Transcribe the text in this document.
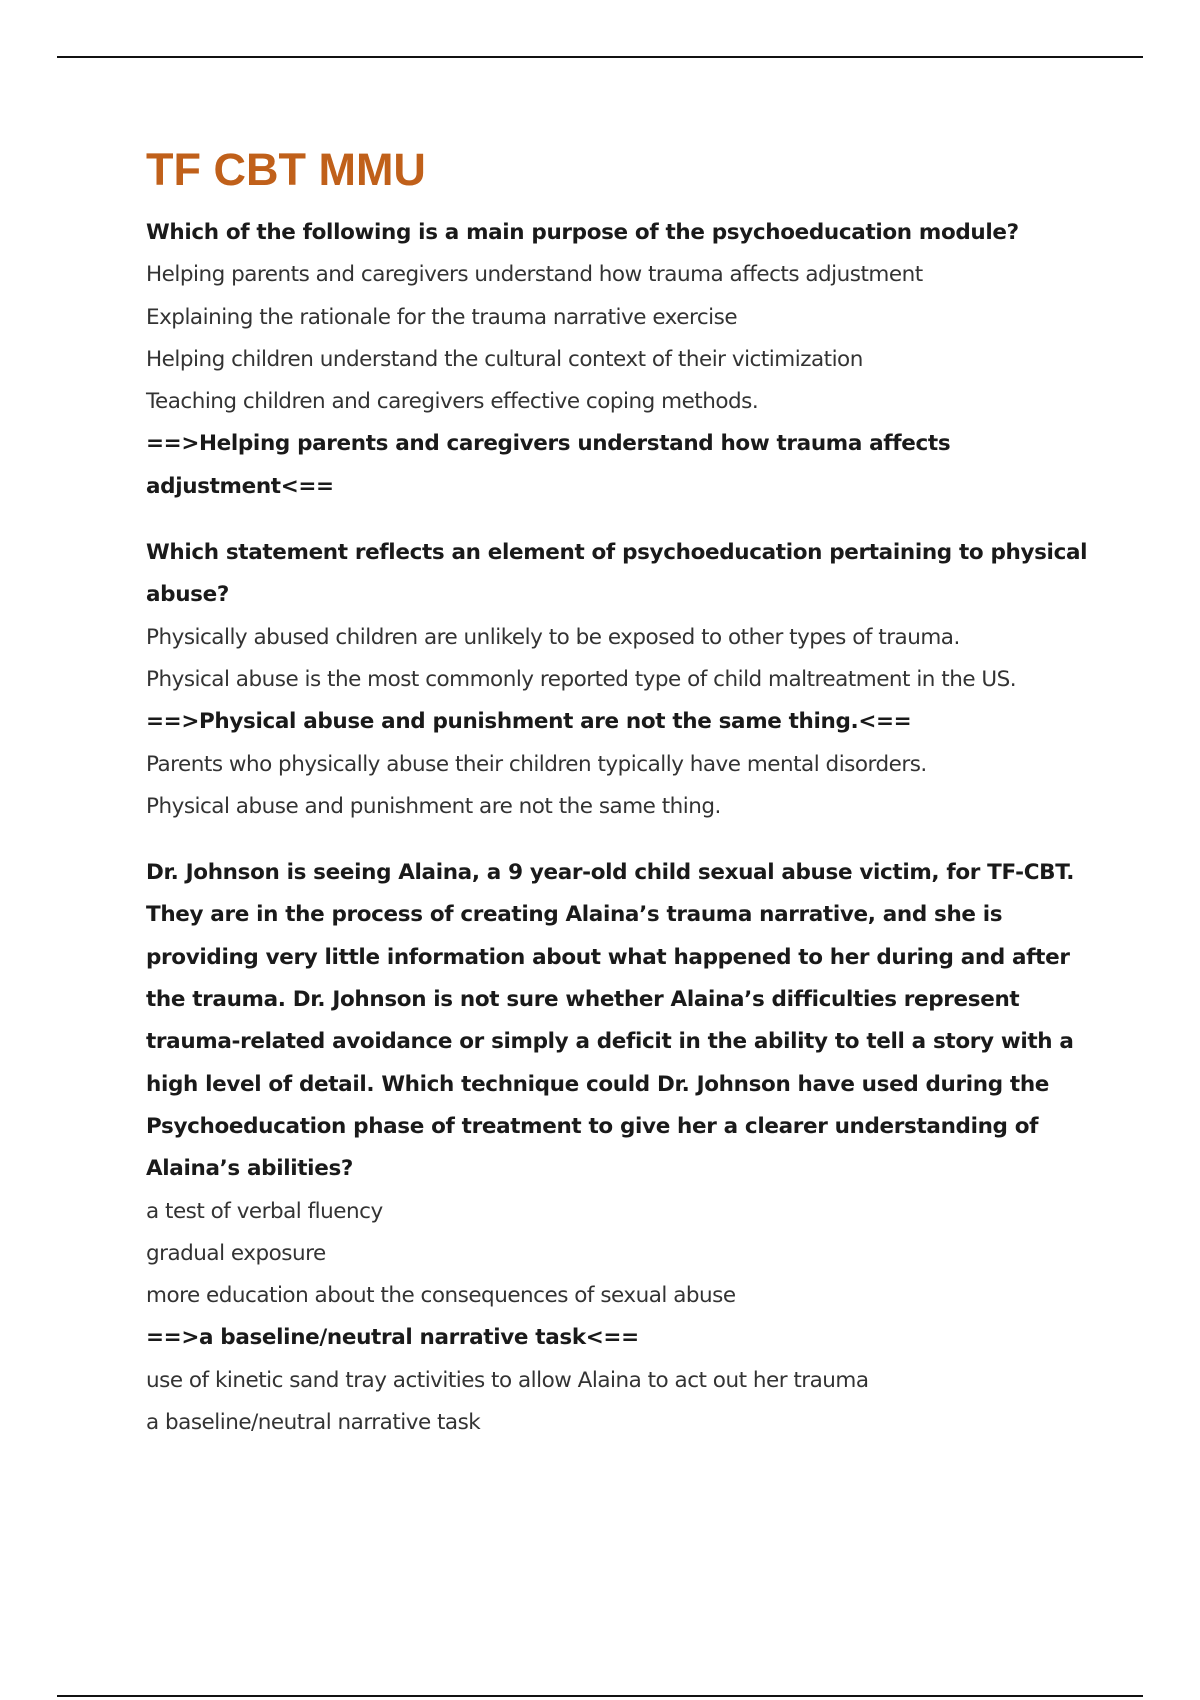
TF CBT MMU

Which of the following is a main purpose of the psychoeducation module?

Helping parents and caregivers understand how trauma affects adjustment

Explaining the rationale for the trauma narrative exercise

Helping children understand the cultural context of their victimization

Teaching children and caregivers effective coping methods.

==>Helping parents and caregivers understand how trauma affects adjustment<==

Which statement reflects an element of psychoeducation pertaining to physical abuse?

Physically abused children are unlikely to be exposed to other types of trauma.

Physical abuse is the most commonly reported type of child maltreatment in the US.

==>Physical abuse and punishment are not the same thing.<==

Parents who physically abuse their children typically have mental disorders.

Physical abuse and punishment are not the same thing.

Dr. Johnson is seeing Alaina, a 9 year-old child sexual abuse victim, for TF-CBT. They are in the process of creating Alaina’s trauma narrative, and she is providing very little information about what happened to her during and after the trauma. Dr. Johnson is not sure whether Alaina’s difficulties represent trauma-related avoidance or simply a deficit in the ability to tell a story with a high level of detail. Which technique could Dr. Johnson have used during the Psychoeducation phase of treatment to give her a clearer understanding of Alaina’s abilities?

a test of verbal fluency

gradual exposure

more education about the consequences of sexual abuse

==>a baseline/neutral narrative task<==

use of kinetic sand tray activities to allow Alaina to act out her trauma

a baseline/neutral narrative task
